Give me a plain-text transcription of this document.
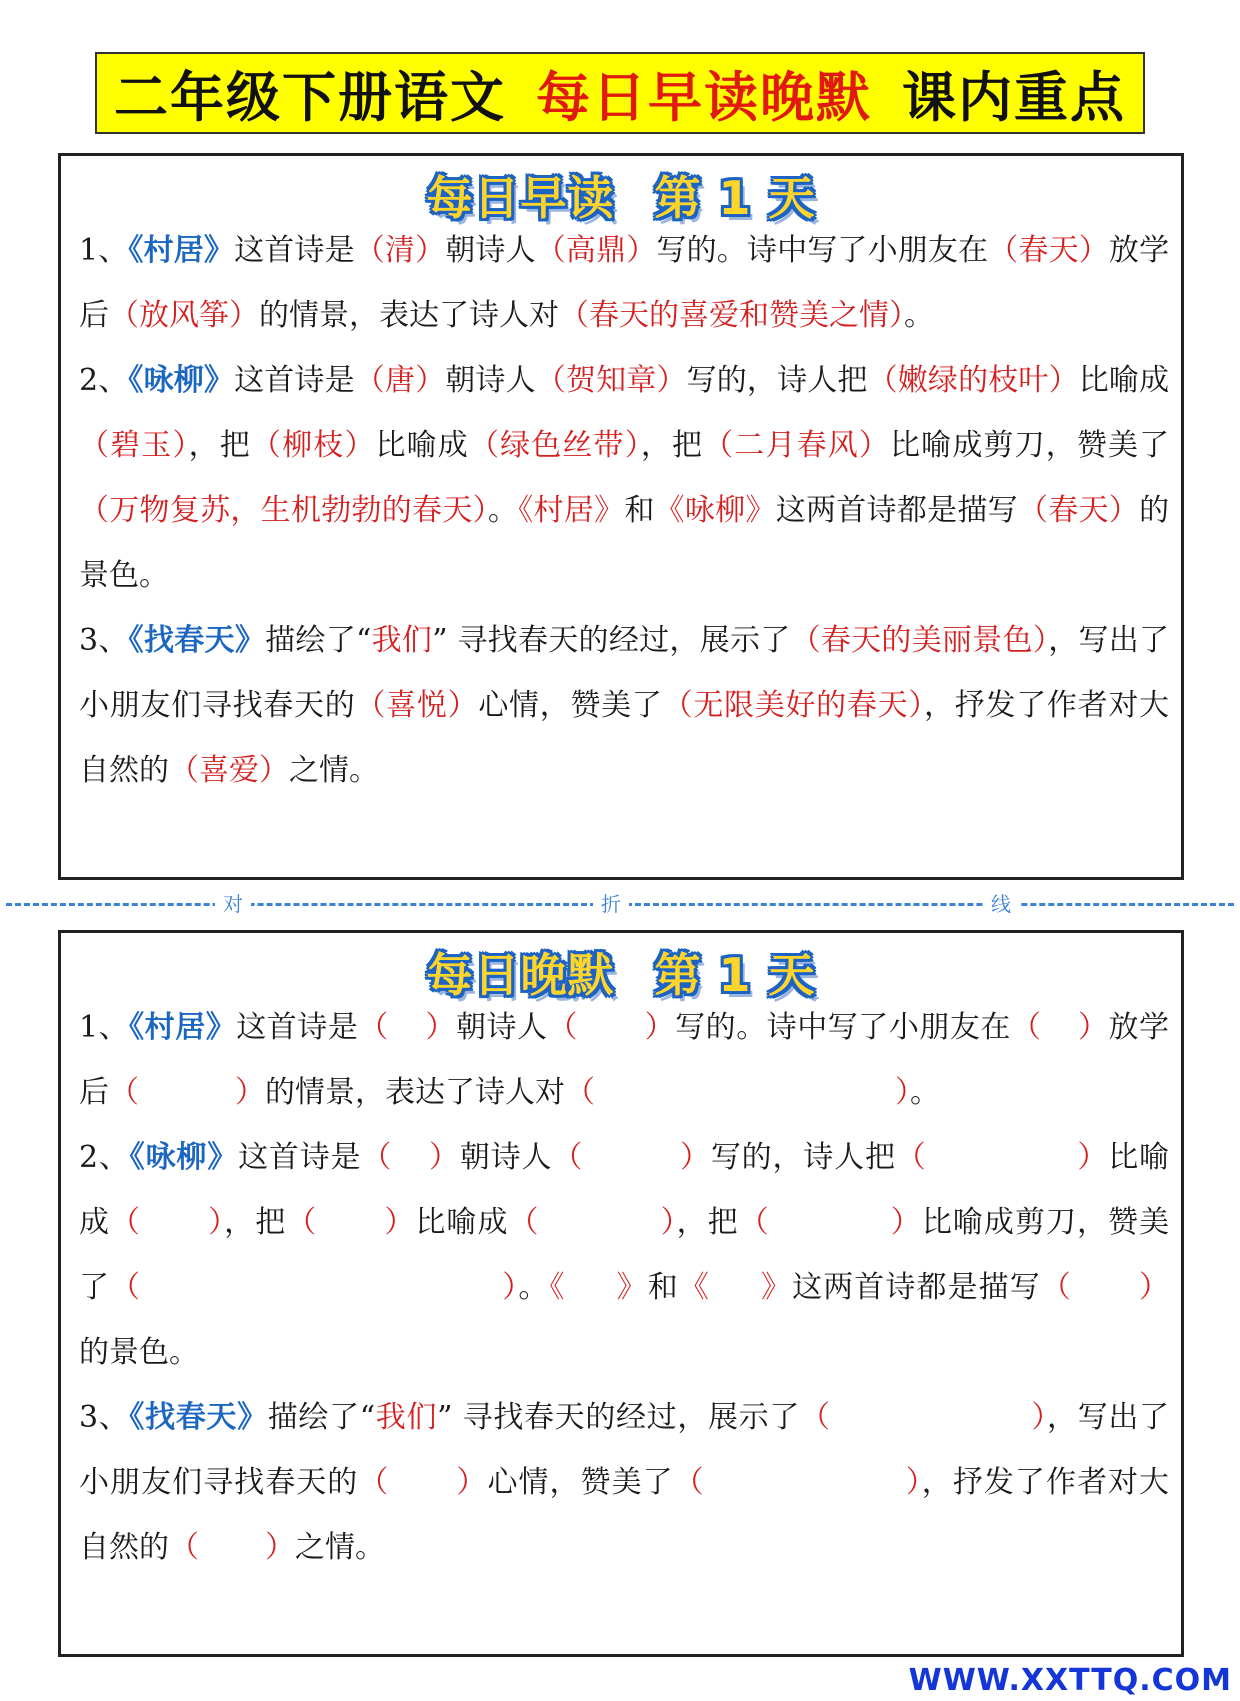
二年级下册语文 每日早读晚默 课内重点
每日早读 第 1 天

1、《村居》这首诗是（清）朝诗人（高鼎）写的。诗中写了小朋友在（春天）放学后（放风筝）的情景，表达了诗人对（春天的喜爱和赞美之情）。

2、《咏柳》这首诗是（唐）朝诗人（贺知章）写的，诗人把（嫩绿的枝叶）比喻成（碧玉），把（柳枝）比喻成（绿色丝带），把（二月春风）比喻成剪刀，赞美了（万物复苏，生机勃勃的春天）。《村居》和《咏柳》这两首诗都是描写（春天）的景色。

3、《找春天》描绘了“我们” 寻找春天的经过，展示了（春天的美丽景色），写出了小朋友们寻找春天的（喜悦）心情，赞美了（无限美好的春天），抒发了作者对大自然的（喜爱）之情。

对	折	线
每日晚默 第 1 天

1、《村居》这首诗是（ ）朝诗人（ ）写的。诗中写了小朋友在（ ）放学后（	）的情景，表达了诗人对（	）。

2、《咏柳》这首诗是（ ）朝诗人（	）写的，诗人把（	）比喻成（ ），把（ ）比喻成（	），把（	）比喻成剪刀，赞美了（	）。《 》和《 》这两首诗都是描写（ ）的景色。

3、《找春天》描绘了“我们” 寻找春天的经过，展示了（	），写出了小朋友们寻找春天的（ ）心情，赞美了（	），抒发了作者对大自然的（ ）之情。

WWW.XXTTQ.COM
